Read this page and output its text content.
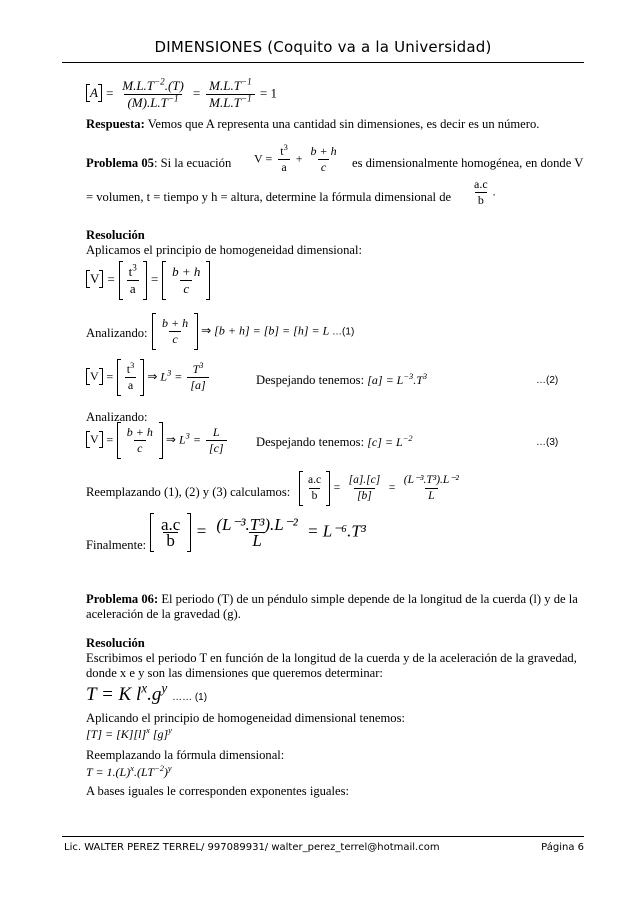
DIMENSIONES (Coquito va a la Universidad)
$A = \frac{M.L.T^{-2}.(T)}{(M).L.T^{-1}} = \frac{M.L.T^{-1}}{M.L.T^{-1}} = 1$
Respuesta: Vemos que A representa una cantidad sin dimensiones, es decir es un número.
Problema 05: Si la ecuación $V = \frac{t^3}{a} + \frac{b + h}{c}$ es dimensionalmente homogénea, en donde V
= volumen, t = tiempo y h = altura, determine la fórmula dimensional de $\frac{a.c}{b}$ .
Resolución
Aplicamos el principio de homogeneidad dimensional:
$V = \frac{t^3}{a} = \frac{b + h}{c}$
Analizando: $\frac{b + h}{c}$ ⇒ [b + h] = [b] = [h] = L …(1)
$V = \frac{t^3}{a}$ ⇒ $L^3 = \frac{T^3}{[a]}$	Despejando tenemos: $[a] = L^{-3}.T^3$	…(2)
Analizando:
$V = \frac{b + h}{c}$ ⇒ $L^3 = \frac{L}{[c]}$ Despejando tenemos: $[c] = L^{-2}$	…(3)
Reemplazando (1), (2) y (3) calculamos: $\frac{a.c}{b} = \frac{[a].[c]}{[b]} = \frac{\text{(L⁻³.T³).L⁻²}}{L}$
Finalmente: $\frac{a.c}{b} = \frac{\text{(L⁻³.T³).L⁻²}}{L} = L^{-6}.T^3$
Problema 06: El periodo (T) de un péndulo simple depende de la longitud de la cuerda (l) y de la aceleración de la gravedad (g).
Resolución
Escribimos el periodo T en función de la longitud de la cuerda y de la aceleración de la gravedad, donde x e y son las dimensiones que queremos determinar:
T = K $l^x.g^y$ …… (1)
Aplicando el principio de homogeneidad dimensional tenemos:
$[T] = [K][l]^x$ $[g]^y$
Reemplazando la fórmula dimensional:
$T = 1.(L)^x.(LT^{-2})^y$
A bases iguales le corresponden exponentes iguales:
Lic. WALTER PEREZ TERREL/ 997089931/ walter_perez_terrel@hotmail.com	Página 6
